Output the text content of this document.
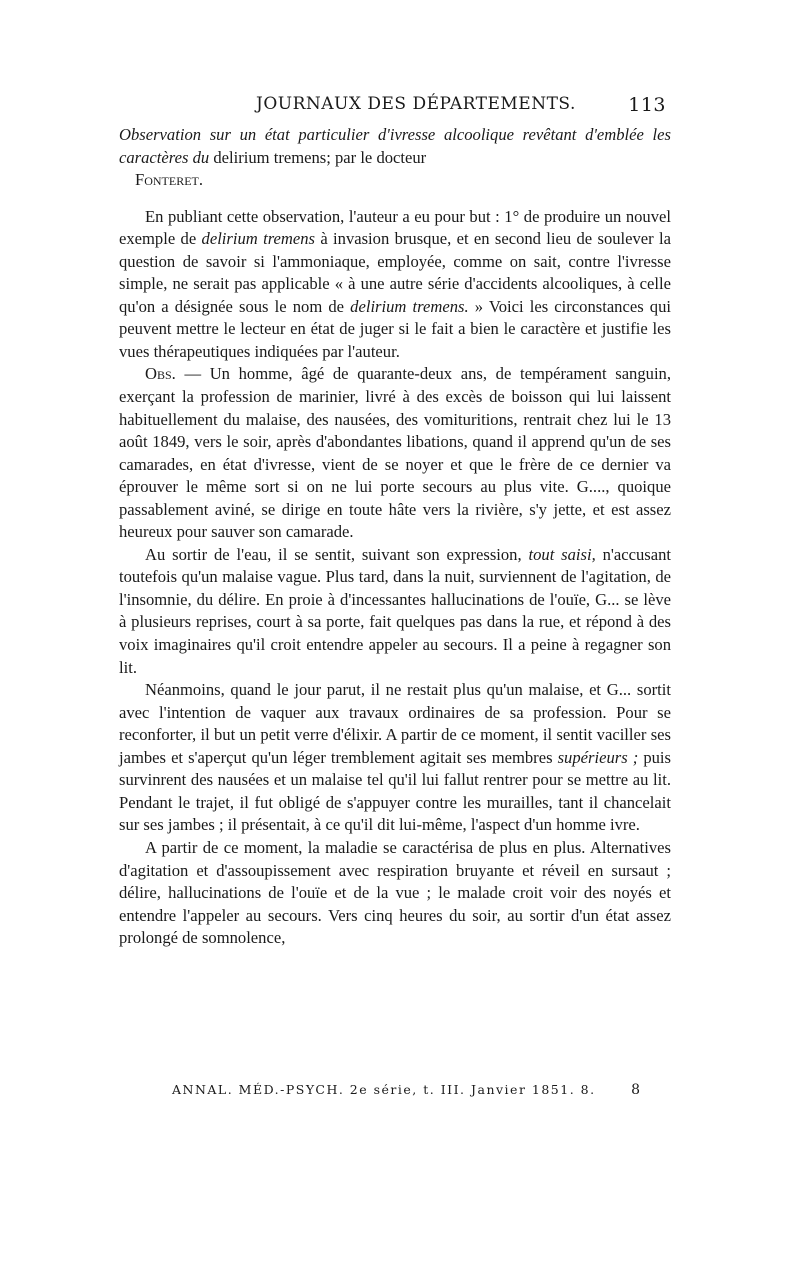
JOURNAUX DES DÉPARTEMENTS.	113

Observation sur un état particulier d'ivresse alcoolique revêtant d'emblée les caractères du delirium tremens; par le docteur
Fonteret.

En publiant cette observation, l'auteur a eu pour but : 1° de produire un nouvel exemple de delirium tremens à invasion brusque, et en second lieu de soulever la question de savoir si l'ammoniaque, employée, comme on sait, contre l'ivresse simple, ne serait pas applicable « à une autre série d'accidents alcooliques, à celle qu'on a désignée sous le nom de delirium tremens. » Voici les circonstances qui peuvent mettre le lecteur en état de juger si le fait a bien le caractère et justifie les vues thérapeutiques indiquées par l'auteur.

Obs. — Un homme, âgé de quarante-deux ans, de tempérament sanguin, exerçant la profession de marinier, livré à des excès de boisson qui lui laissent habituellement du malaise, des nausées, des vomituritions, rentrait chez lui le 13 août 1849, vers le soir, après d'abondantes libations, quand il apprend qu'un de ses camarades, en état d'ivresse, vient de se noyer et que le frère de ce dernier va éprouver le même sort si on ne lui porte secours au plus vite. G...., quoique passablement aviné, se dirige en toute hâte vers la rivière, s'y jette, et est assez heureux pour sauver son camarade.

Au sortir de l'eau, il se sentit, suivant son expression, tout saisi, n'accusant toutefois qu'un malaise vague. Plus tard, dans la nuit, surviennent de l'agitation, de l'insomnie, du délire. En proie à d'incessantes hallucinations de l'ouïe, G... se lève à plusieurs reprises, court à sa porte, fait quelques pas dans la rue, et répond à des voix imaginaires qu'il croit entendre appeler au secours. Il a peine à regagner son lit.

Néanmoins, quand le jour parut, il ne restait plus qu'un malaise, et G... sortit avec l'intention de vaquer aux travaux ordinaires de sa profession. Pour se reconforter, il but un petit verre d'élixir. A partir de ce moment, il sentit vaciller ses jambes et s'aperçut qu'un léger tremblement agitait ses membres supérieurs ; puis survinrent des nausées et un malaise tel qu'il lui fallut rentrer pour se mettre au lit. Pendant le trajet, il fut obligé de s'appuyer contre les murailles, tant il chancelait sur ses jambes ; il présentait, à ce qu'il dit lui-même, l'aspect d'un homme ivre.

A partir de ce moment, la maladie se caractérisa de plus en plus. Alternatives d'agitation et d'assoupissement avec respiration bruyante et réveil en sursaut ; délire, hallucinations de l'ouïe et de la vue ; le malade croit voir des noyés et entendre l'appeler au secours. Vers cinq heures du soir, au sortir d'un état assez prolongé de somnolence,

ANNAL. MÉD.-PSYCH. 2e série, t. III. Janvier 1851. 8.	8
